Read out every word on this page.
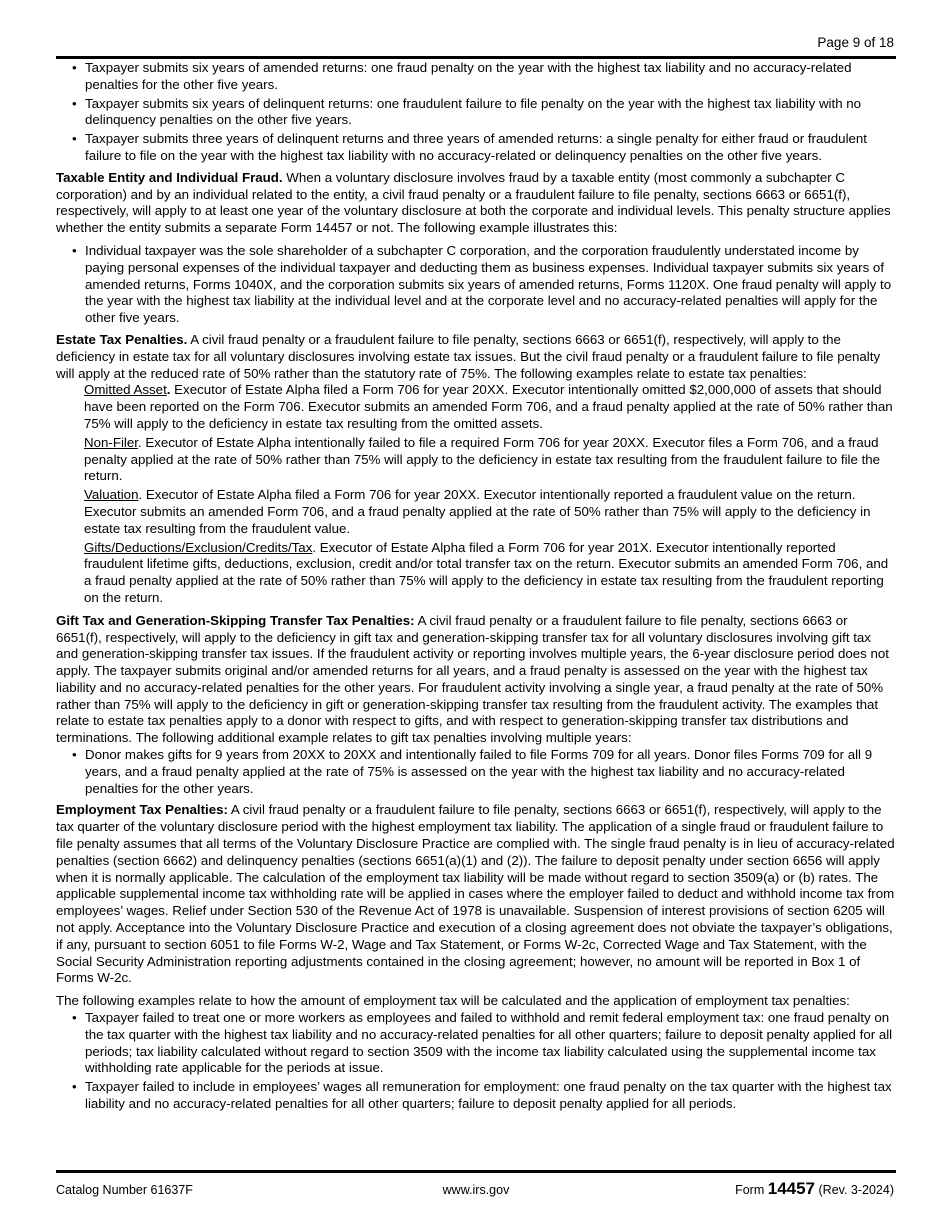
Page 9 of 18
• Taxpayer submits six years of amended returns: one fraud penalty on the year with the highest tax liability and no accuracy-related penalties for the other five years.
• Taxpayer submits six years of delinquent returns: one fraudulent failure to file penalty on the year with the highest tax liability with no delinquency penalties on the other five years.
• Taxpayer submits three years of delinquent returns and three years of amended returns: a single penalty for either fraud or fraudulent failure to file on the year with the highest tax liability with no accuracy-related or delinquency penalties on the other five years.

Taxable Entity and Individual Fraud. When a voluntary disclosure involves fraud by a taxable entity (most commonly a subchapter C corporation) and by an individual related to the entity, a civil fraud penalty or a fraudulent failure to file penalty, sections 6663 or 6651(f), respectively, will apply to at least one year of the voluntary disclosure at both the corporate and individual levels. This penalty structure applies whether the entity submits a separate Form 14457 or not. The following example illustrates this:

• Individual taxpayer was the sole shareholder of a subchapter C corporation, and the corporation fraudulently understated income by paying personal expenses of the individual taxpayer and deducting them as business expenses. Individual taxpayer submits six years of amended returns, Forms 1040X, and the corporation submits six years of amended returns, Forms 1120X. One fraud penalty will apply to the year with the highest tax liability at the individual level and at the corporate level and no accuracy-related penalties will apply for the other five years.

Estate Tax Penalties. A civil fraud penalty or a fraudulent failure to file penalty, sections 6663 or 6651(f), respectively, will apply to the deficiency in estate tax for all voluntary disclosures involving estate tax issues. But the civil fraud penalty or a fraudulent failure to file penalty will apply at the reduced rate of 50% rather than the statutory rate of 75%. The following examples relate to estate tax penalties:

Omitted Asset. Executor of Estate Alpha filed a Form 706 for year 20XX. Executor intentionally omitted $2,000,000 of assets that should have been reported on the Form 706. Executor submits an amended Form 706, and a fraud penalty applied at the rate of 50% rather than 75% will apply to the deficiency in estate tax resulting from the omitted assets.
Non-Filer. Executor of Estate Alpha intentionally failed to file a required Form 706 for year 20XX. Executor files a Form 706, and a fraud penalty applied at the rate of 50% rather than 75% will apply to the deficiency in estate tax resulting from the fraudulent failure to file the return.
Valuation. Executor of Estate Alpha filed a Form 706 for year 20XX. Executor intentionally reported a fraudulent value on the return. Executor submits an amended Form 706, and a fraud penalty applied at the rate of 50% rather than 75% will apply to the deficiency in estate tax resulting from the fraudulent value.
Gifts/Deductions/Exclusion/Credits/Tax. Executor of Estate Alpha filed a Form 706 for year 201X. Executor intentionally reported fraudulent lifetime gifts, deductions, exclusion, credit and/or total transfer tax on the return. Executor submits an amended Form 706, and a fraud penalty applied at the rate of 50% rather than 75% will apply to the deficiency in estate tax resulting from the fraudulent reporting on the return.

Gift Tax and Generation-Skipping Transfer Tax Penalties: A civil fraud penalty or a fraudulent failure to file penalty, sections 6663 or 6651(f), respectively, will apply to the deficiency in gift tax and generation-skipping transfer tax for all voluntary disclosures involving gift tax and generation-skipping transfer tax issues. If the fraudulent activity or reporting involves multiple years, the 6-year disclosure period does not apply. The taxpayer submits original and/or amended returns for all years, and a fraud penalty is assessed on the year with the highest tax liability and no accuracy-related penalties for the other years. For fraudulent activity involving a single year, a fraud penalty at the rate of 50% rather than 75% will apply to the deficiency in gift or generation-skipping transfer tax resulting from the fraudulent activity. The examples that relate to estate tax penalties apply to a donor with respect to gifts, and with respect to generation-skipping transfer tax distributions and terminations. The following additional example relates to gift tax penalties involving multiple years:

• Donor makes gifts for 9 years from 20XX to 20XX and intentionally failed to file Forms 709 for all years. Donor files Forms 709 for all 9 years, and a fraud penalty applied at the rate of 75% is assessed on the year with the highest tax liability and no accuracy-related penalties for the other years.

Employment Tax Penalties: A civil fraud penalty or a fraudulent failure to file penalty, sections 6663 or 6651(f), respectively, will apply to the tax quarter of the voluntary disclosure period with the highest employment tax liability. The application of a single fraud or fraudulent failure to file penalty assumes that all terms of the Voluntary Disclosure Practice are complied with. The single fraud penalty is in lieu of accuracy-related penalties (section 6662) and delinquency penalties (sections 6651(a)(1) and (2)). The failure to deposit penalty under section 6656 will apply when it is normally applicable. The calculation of the employment tax liability will be made without regard to section 3509(a) or (b) rates. The applicable supplemental income tax withholding rate will be applied in cases where the employer failed to deduct and withhold income tax from employees’ wages. Relief under Section 530 of the Revenue Act of 1978 is unavailable. Suspension of interest provisions of section 6205 will not apply. Acceptance into the Voluntary Disclosure Practice and execution of a closing agreement does not obviate the taxpayer’s obligations, if any, pursuant to section 6051 to file Forms W-2, Wage and Tax Statement, or Forms W-2c, Corrected Wage and Tax Statement, with the Social Security Administration reporting adjustments contained in the closing agreement; however, no amount will be reported in Box 1 of Forms W-2c.

The following examples relate to how the amount of employment tax will be calculated and the application of employment tax penalties:

• Taxpayer failed to treat one or more workers as employees and failed to withhold and remit federal employment tax: one fraud penalty on the tax quarter with the highest tax liability and no accuracy-related penalties for all other quarters; failure to deposit penalty applied for all periods; tax liability calculated without regard to section 3509 with the income tax liability calculated using the supplemental income tax withholding rate applicable for the periods at issue.
• Taxpayer failed to include in employees’ wages all remuneration for employment: one fraud penalty on the tax quarter with the highest tax liability and no accuracy-related penalties for all other quarters; failure to deposit penalty applied for all periods.
Catalog Number 61637F	www.irs.gov	Form 14457 (Rev. 3-2024)
